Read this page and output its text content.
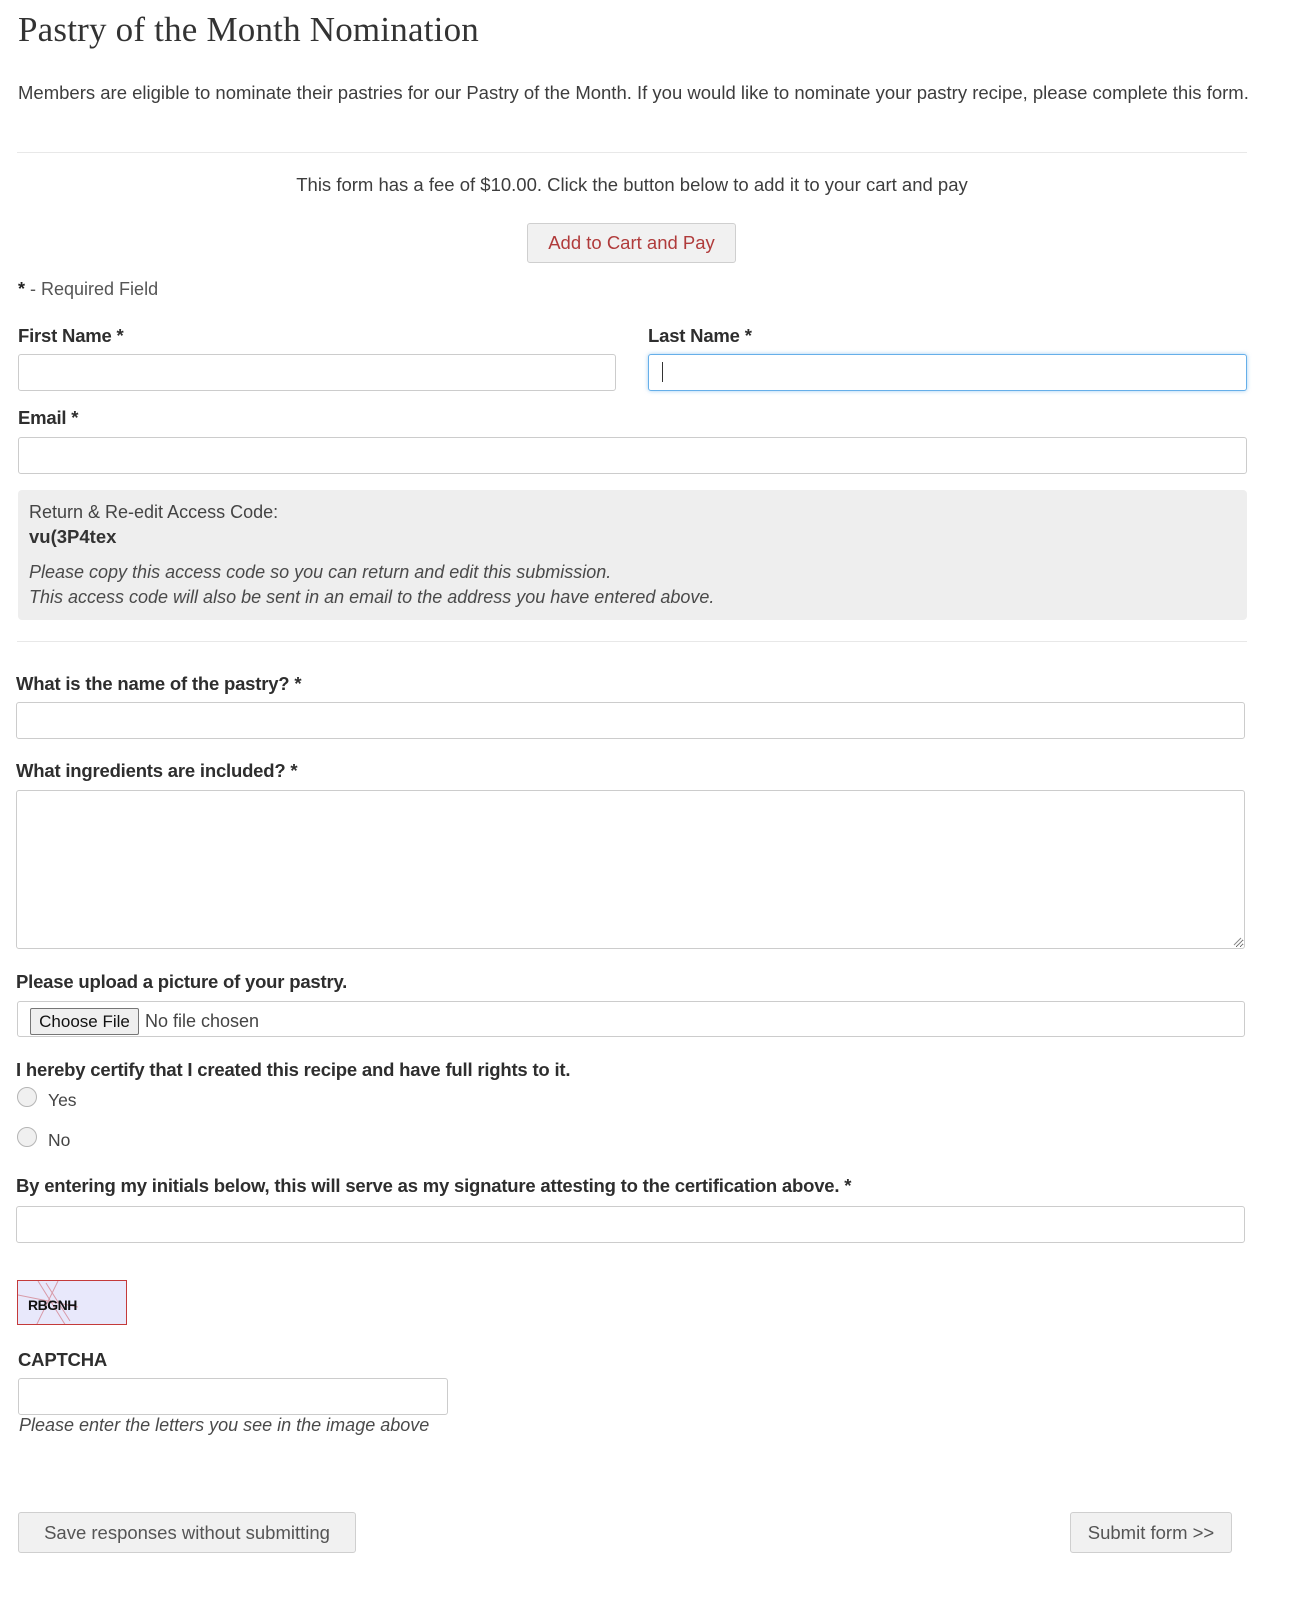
Pastry of the Month Nomination
Members are eligible to nominate their pastries for our Pastry of the Month. If you would like to nominate your pastry recipe, please complete this form.
This form has a fee of $10.00. Click the button below to add it to your cart and pay
Add to Cart and Pay
* - Required Field
First Name *	Last Name *
Email *
Return & Re-edit Access Code:
vu(3P4tex
Please copy this access code so you can return and edit this submission.
This access code will also be sent in an email to the address you have entered above.
What is the name of the pastry? *
What ingredients are included? *
Please upload a picture of your pastry.
Choose File No file chosen
I hereby certify that I created this recipe and have full rights to it.
Yes
No
By entering my initials below, this will serve as my signature attesting to the certification above. *
RBGNH
CAPTCHA
Please enter the letters you see in the image above
Save responses without submitting	Submit form >>
